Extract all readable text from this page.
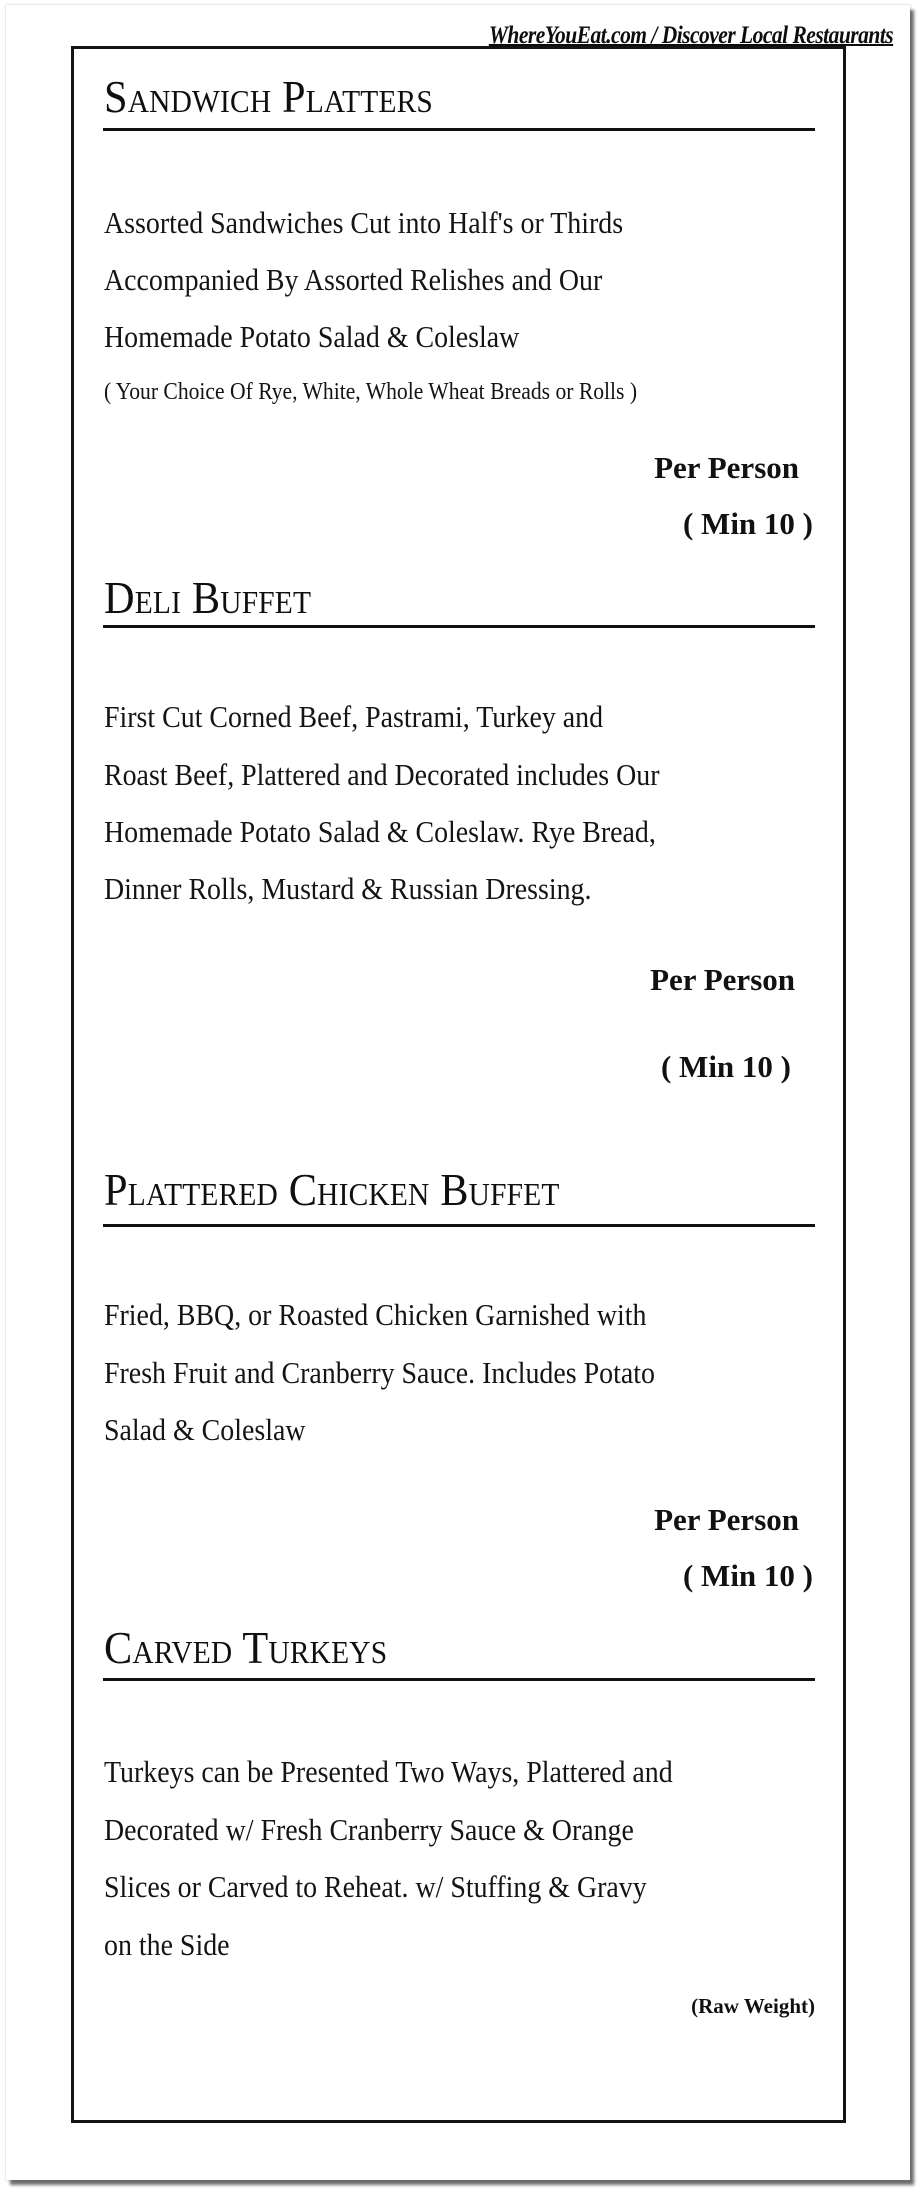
WhereYouEat.com / Discover Local Restaurants
Sandwich Platters
Assorted Sandwiches Cut into Half's or Thirds
Accompanied By Assorted Relishes and Our
Homemade Potato Salad & Coleslaw
( Your Choice Of Rye, White, Whole Wheat Breads or Rolls )
Per Person
( Min 10 )
Deli Buffet
First Cut Corned Beef, Pastrami, Turkey and
Roast Beef, Plattered and Decorated includes Our
Homemade Potato Salad & Coleslaw. Rye Bread,
Dinner Rolls, Mustard & Russian Dressing.
Per Person
( Min 10 )
Plattered Chicken Buffet
Fried, BBQ, or Roasted Chicken Garnished with
Fresh Fruit and Cranberry Sauce. Includes Potato
Salad & Coleslaw
Per Person
( Min 10 )
Carved Turkeys
Turkeys can be Presented Two Ways, Plattered and
Decorated w/ Fresh Cranberry Sauce & Orange
Slices or Carved to Reheat. w/ Stuffing & Gravy
on the Side
(Raw Weight)
